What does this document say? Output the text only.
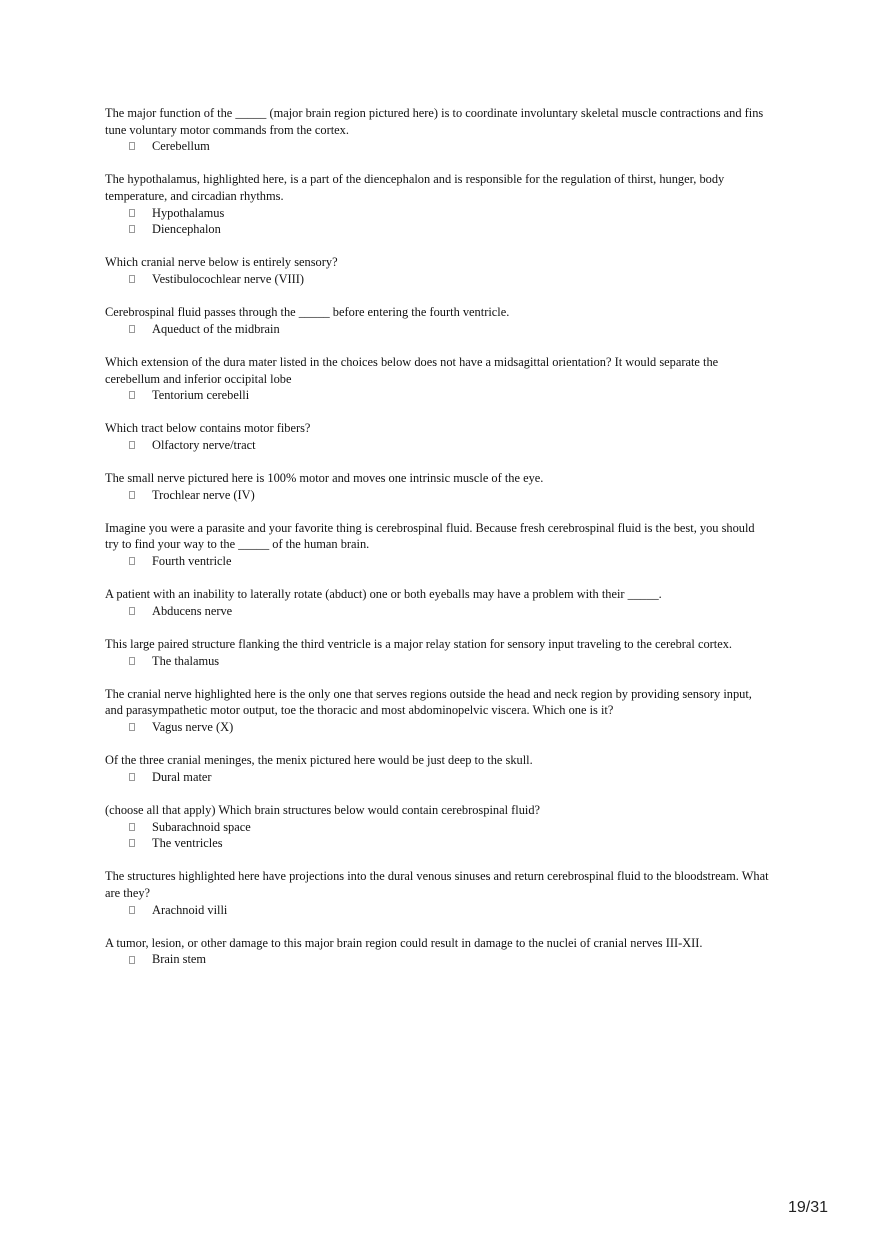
The major function of the _____ (major brain region pictured here) is to coordinate involuntary skeletal muscle contractions and fins tune voluntary motor commands from the cortex.

Cerebellum

The hypothalamus, highlighted here, is a part of the diencephalon and is responsible for the regulation of thirst, hunger, body temperature, and circadian rhythms.

Hypothalamus
Diencephalon

Which cranial nerve below is entirely sensory?

Vestibulocochlear nerve (VIII)

Cerebrospinal fluid passes through the _____ before entering the fourth ventricle.

Aqueduct of the midbrain

Which extension of the dura mater listed in the choices below does not have a midsagittal orientation? It would separate the cerebellum and inferior occipital lobe

Tentorium cerebelli

Which tract below contains motor fibers?

Olfactory nerve/tract

The small nerve pictured here is 100% motor and moves one intrinsic muscle of the eye.

Trochlear nerve (IV)

Imagine you were a parasite and your favorite thing is cerebrospinal fluid. Because fresh cerebrospinal fluid is the best, you should try to find your way to the _____ of the human brain.

Fourth ventricle

A patient with an inability to laterally rotate (abduct) one or both eyeballs may have a problem with their _____.

Abducens nerve

This large paired structure flanking the third ventricle is a major relay station for sensory input traveling to the cerebral cortex.

The thalamus

The cranial nerve highlighted here is the only one that serves regions outside the head and neck region by providing sensory input, and parasympathetic motor output, toe the thoracic and most abdominopelvic viscera. Which one is it?

Vagus nerve (X)

Of the three cranial meninges, the menix pictured here would be just deep to the skull.

Dural mater

(choose all that apply) Which brain structures below would contain cerebrospinal fluid?

Subarachnoid space
The ventricles

The structures highlighted here have projections into the dural venous sinuses and return cerebrospinal fluid to the bloodstream. What are they?

Arachnoid villi

A tumor, lesion, or other damage to this major brain region could result in damage to the nuclei of cranial nerves III-XII.

Brain stem
19/31
